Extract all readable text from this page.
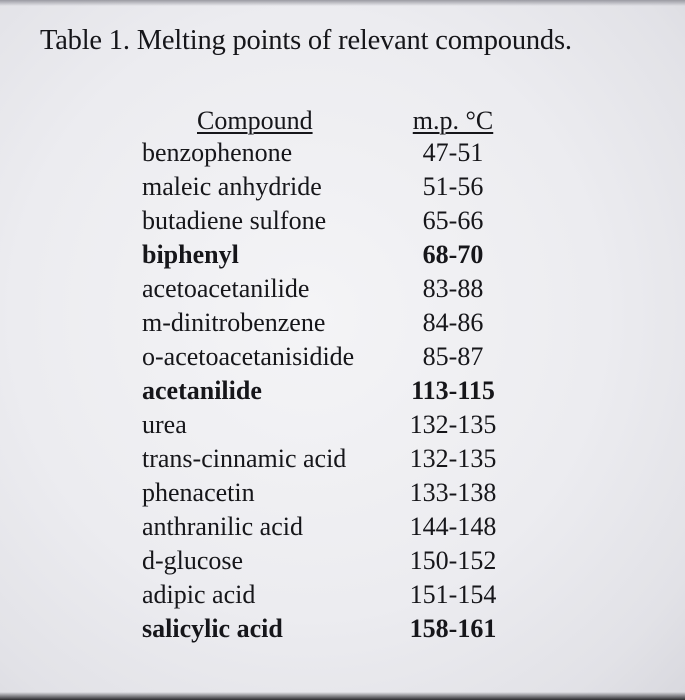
Table 1. Melting points of relevant compounds.
Compound	m.p. °C
benzophenone	47-51
maleic anhydride	51-56
butadiene sulfone	65-66
biphenyl	68-70
acetoacetanilide	83-88
m-dinitrobenzene	84-86
o-acetoacetanisidide	85-87
acetanilide	113-115
urea	132-135
trans-cinnamic acid 132-135
phenacetin	133-138
anthranilic acid	144-148
d-glucose	150-152
adipic acid	151-154
salicylic acid	158-161
